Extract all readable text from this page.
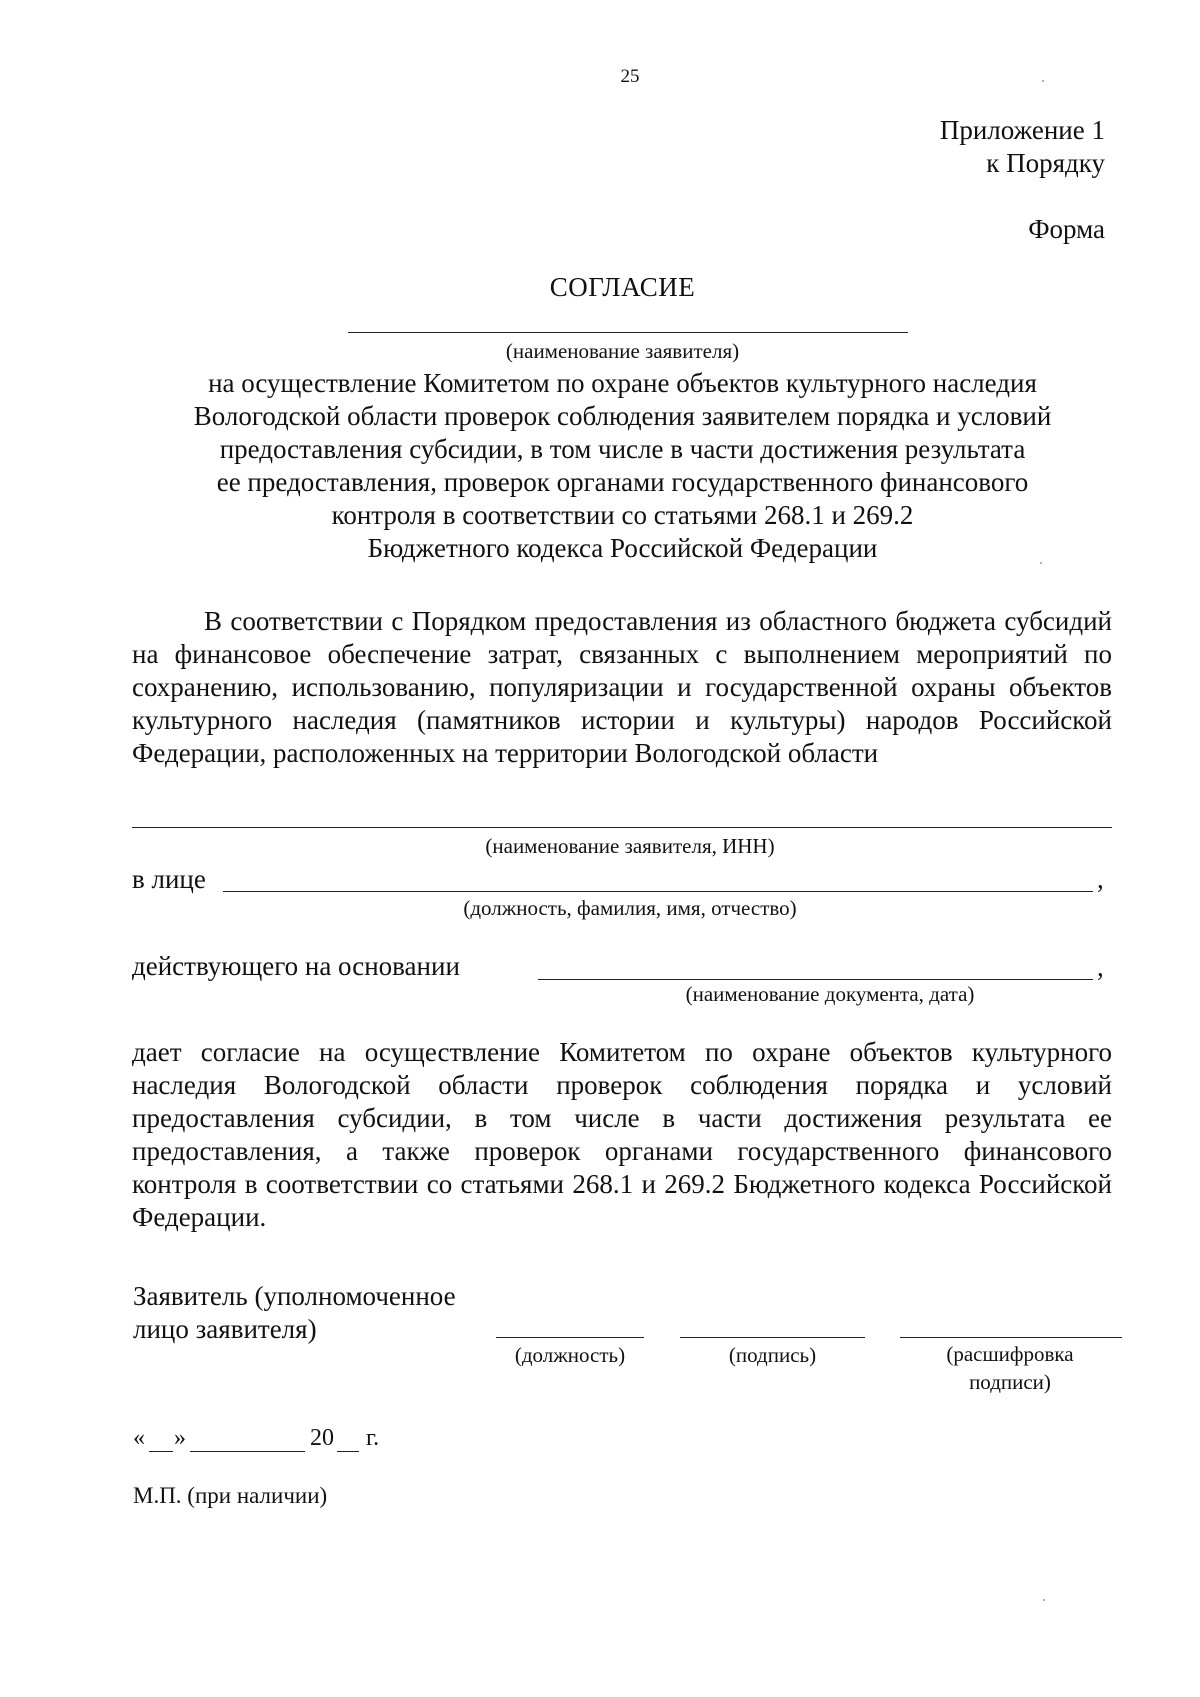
25
Приложение 1
к Порядку
Форма
СОГЛАСИЕ
(наименование заявителя)
на осуществление Комитетом по охране объектов культурного наследия
Вологодской области проверок соблюдения заявителем порядка и условий
предоставления субсидии, в том числе в части достижения результата
ее предоставления, проверок органами государственного финансового
контроля в соответствии со статьями 268.1 и 269.2
Бюджетного кодекса Российской Федерации
В соответствии с Порядком предоставления из областного бюджета субсидий на финансовое обеспечение затрат, связанных с выполнением мероприятий по сохранению, использованию, популяризации и государственной охраны объектов культурного наследия (памятников истории и культуры) народов Российской Федерации, расположенных на территории Вологодской области
(наименование заявителя, ИНН)
в лице	,
(должность, фамилия, имя, отчество)
действующего на основании	,
(наименование документа, дата)
дает согласие на осуществление Комитетом по охране объектов культурного наследия Вологодской области проверок соблюдения порядка и условий предоставления субсидии, в том числе в части достижения результата ее предоставления, а также проверок органами государственного финансового контроля в соответствии со статьями 268.1 и 269.2 Бюджетного кодекса Российской Федерации.
Заявитель (уполномоченное
лицо заявителя)
(должность)	(подпись)	(расшифровка
подписи)
« »	20 г.
М.П. (при наличии)
